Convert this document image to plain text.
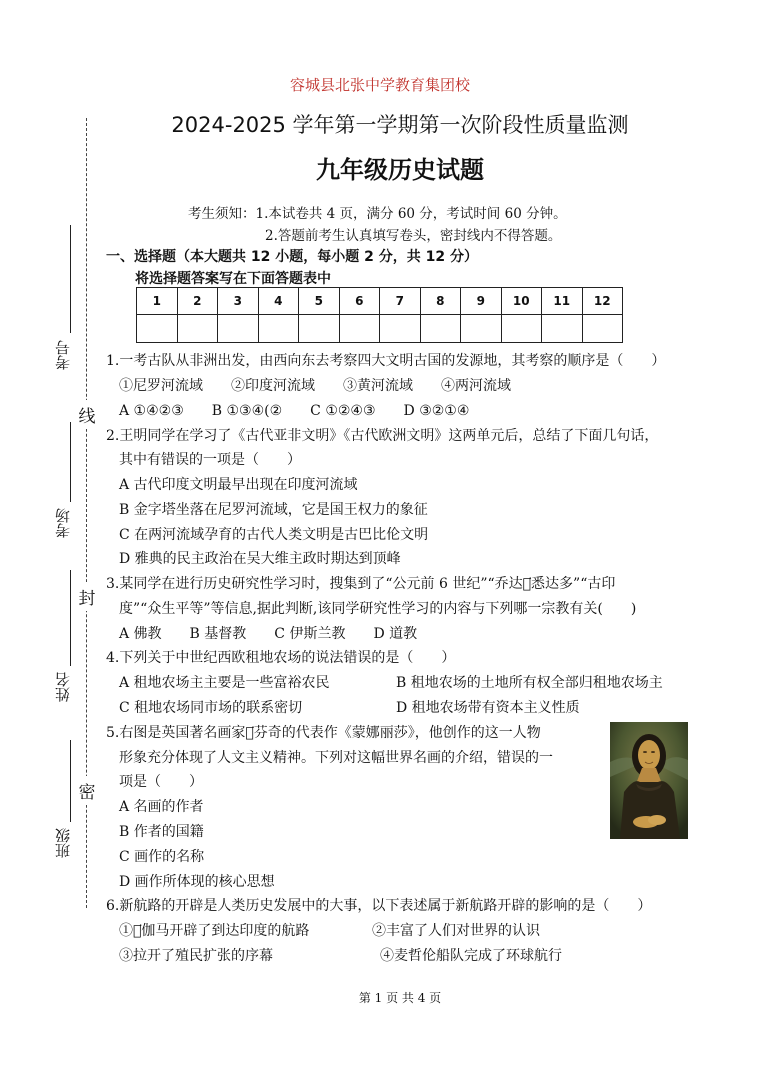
容城县北张中学教育集团校
2024-2025 学年第一学期第一次阶段性质量监测
九年级历史试题
考生须知：1.本试卷共 4 页，满分 60 分，考试时间 60 分钟。
2.答题前考生认真填写卷头，密封线内不得答题。
线
封
密
考号
考场
姓名
班级
一、选择题（本大题共 12 小题，每小题 2 分，共 12 分）
将选择题答案写在下面答题表中
1	2	3	4	5	6	7	8	9	10	11	12

1.一考古队从非洲出发，由西向东去考察四大文明古国的发源地，其考察的顺序是（　　）
①尼罗河流域　　②印度河流域　　③黄河流域　　④两河流域
A ①④②③　　B ①③④(②　　C ①②④③　　D ③②①④
2.王明同学在学习了《古代亚非文明》《古代欧洲文明》这两单元后，总结了下面几句话，
其中有错误的一项是（　　）
A 古代印度文明最早出现在印度河流域
B 金字塔坐落在尼罗河流域，它是国王权力的象征
C 在两河流域孕育的古代人类文明是古巴比伦文明
D 雅典的民主政治在吴大维主政时期达到顶峰
3.某同学在进行历史研究性学习时，搜集到了“公元前 6 世纪”“乔达摩͘悉达多”“古印
度”“众生平等”等信息,据此判断,该同学研究性学习的内容与下列哪一宗教有关(　　)
A 佛教　　B 基督教　　C 伊斯兰教　　D 道教
4.下列关于中世纪西欧租地农场的说法错误的是（　　）
A 租地农场主主要是一些富裕农民	B 租地农场的土地所有权全部归租地农场主
C 租地农场同市场的联系密切	D 租地农场带有资本主义性质
5.右图是英国著名画家达͘芬奇的代表作《蒙娜丽莎》，他创作的这一人物
形象充分体现了人文主义精神。下列对这幅世界名画的介绍，错误的一
项是（　　）
A 名画的作者
B 作者的国籍
C 画作的名称
D 画作所体现的核心思想
6.新航路的开辟是人类历史发展中的大事，以下表述属于新航路开辟的影响的是（　　）
①达͘伽马开辟了到达印度的航路	②丰富了人们对世界的认识
③拉开了殖民扩张的序幕	④麦哲伦船队完成了环球航行
第 1 页 共 4 页
